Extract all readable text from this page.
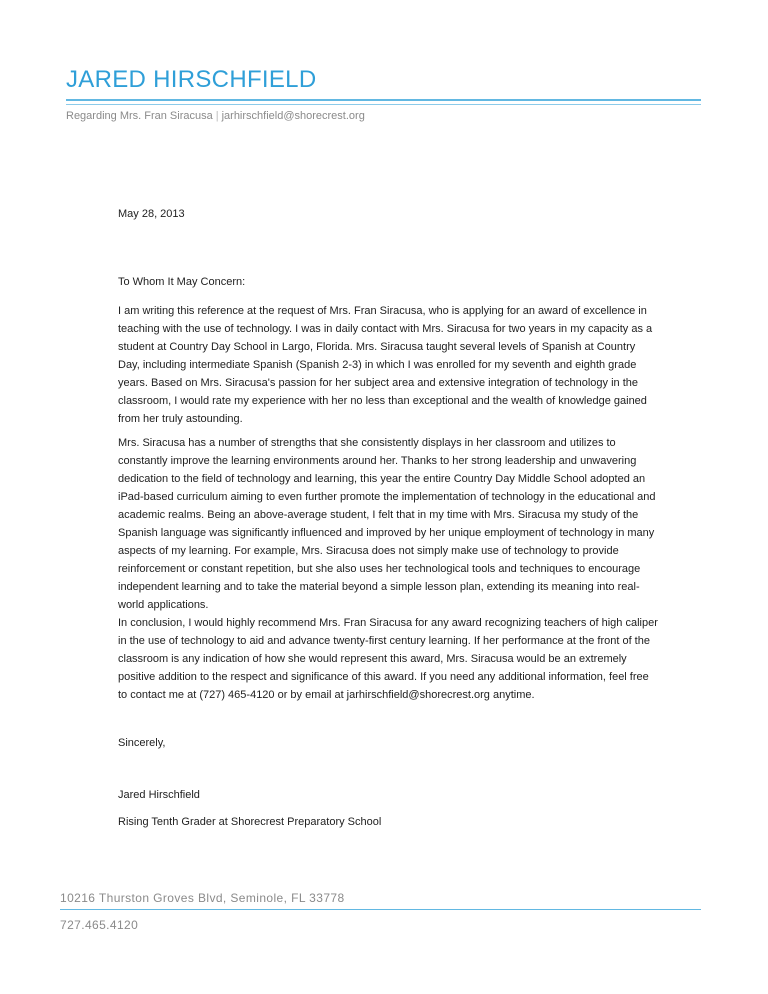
JARED HIRSCHFIELD
Regarding Mrs. Fran Siracusa | jarhirschfield@shorecrest.org
May 28, 2013
To Whom It May Concern:

I am writing this reference at the request of Mrs. Fran Siracusa, who is applying for an award of excellence in teaching with the use of technology. I was in daily contact with Mrs. Siracusa for two years in my capacity as a student at Country Day School in Largo, Florida. Mrs. Siracusa taught several levels of Spanish at Country Day, including intermediate Spanish (Spanish 2-3) in which I was enrolled for my seventh and eighth grade years. Based on Mrs. Siracusa's passion for her subject area and extensive integration of technology in the classroom, I would rate my experience with her no less than exceptional and the wealth of knowledge gained from her truly astounding.

Mrs. Siracusa has a number of strengths that she consistently displays in her classroom and utilizes to constantly improve the learning environments around her. Thanks to her strong leadership and unwavering dedication to the field of technology and learning, this year the entire Country Day Middle School adopted an iPad-based curriculum aiming to even further promote the implementation of technology in the educational and academic realms. Being an above-average student, I felt that in my time with Mrs. Siracusa my study of the Spanish language was significantly influenced and improved by her unique employment of technology in many aspects of my learning. For example, Mrs. Siracusa does not simply make use of technology to provide reinforcement or constant repetition, but she also uses her technological tools and techniques to encourage independent learning and to take the material beyond a simple lesson plan, extending its meaning into real-world applications.

In conclusion, I would highly recommend Mrs. Fran Siracusa for any award recognizing teachers of high caliper in the use of technology to aid and advance twenty-first century learning. If her performance at the front of the classroom is any indication of how she would represent this award, Mrs. Siracusa would be an extremely positive addition to the respect and significance of this award. If you need any additional information, feel free to contact me at (727) 465-4120 or by email at jarhirschfield@shorecrest.org anytime.

Sincerely,
Jared Hirschfield
Rising Tenth Grader at Shorecrest Preparatory School
10216 Thurston Groves Blvd, Seminole, FL 33778
727.465.4120
